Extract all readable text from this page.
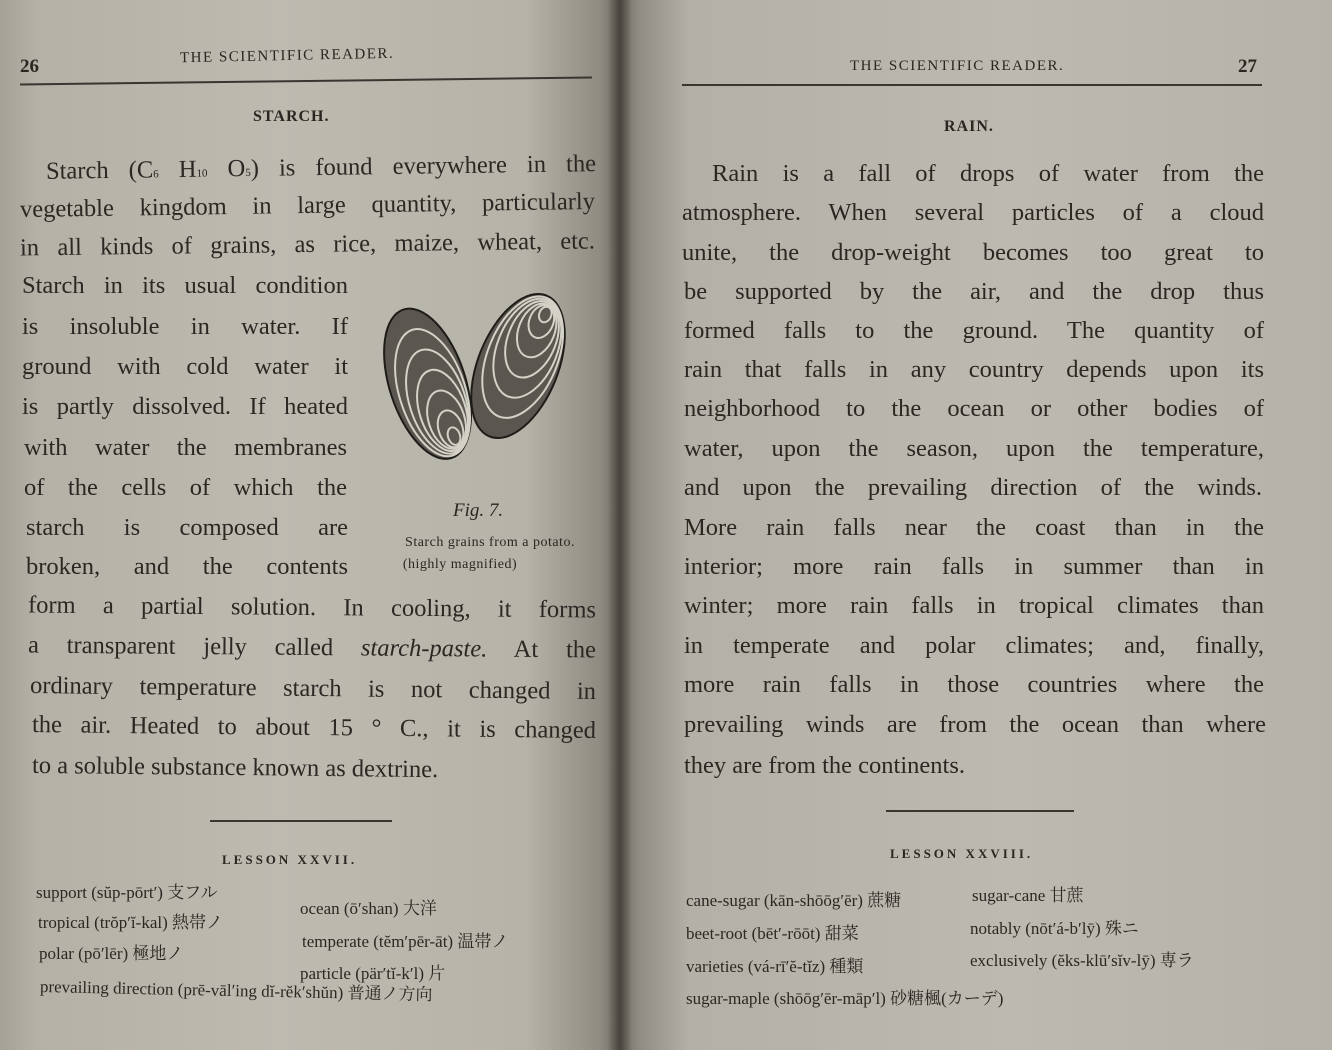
26	THE SCIENTIFIC READER.
STARCH.
Starch (C6 H10 O5) is found everywhere in the
vegetable kingdom in large quantity, particularly
in all kinds of grains, as rice, maize, wheat, etc.
Starch in its usual condition
is insoluble in water. If
ground with cold water it
is partly dissolved. If heated
with water the membranes
of the cells of which the
starch is composed are
broken, and the contents
form a partial solution. In cooling, it forms
a transparent jelly called starch-paste. At the
ordinary temperature starch is not changed in
the air. Heated to about 15 ° C., it is changed
to a soluble substance known as dextrine.
Fig. 7.
Starch grains from a potato.
(highly magnified)
LESSON XXVII.
support (sŭp-pōrt′) 支フル
tropical (trŏp′ĭ-kal) 熱帯ノ
polar (pō′lēr) 極地ノ
prevailing direction (prē-vāl′ing dĭ-rĕk′shŭn) 普通ノ方向
ocean (ō′shan) 大洋
temperate (tĕm′pēr-āt) 温帯ノ
particle (pär′tĭ-k′l) 片
THE SCIENTIFIC READER.	27
RAIN.
Rain is a fall of drops of water from the
atmosphere. When several particles of a cloud
unite, the drop-weight becomes too great to
be supported by the air, and the drop thus
formed falls to the ground. The quantity of
rain that falls in any country depends upon its
neighborhood to the ocean or other bodies of
water, upon the season, upon the temperature,
and upon the prevailing direction of the winds.
More rain falls near the coast than in the
interior; more rain falls in summer than in
winter; more rain falls in tropical climates than
in temperate and polar climates; and, finally,
more rain falls in those countries where the
prevailing winds are from the ocean than where
they are from the continents.
LESSON XXVIII.
cane-sugar (kān-shōōg′ēr) 蔗糖
beet-root (bēt′-rōōt) 甜菜
varieties (vá-rī′ĕ-tĭz) 種類
sugar-maple (shōōg′ēr-māp′l) 砂糖楓(カーデ)
sugar-cane 甘蔗
notably (nōt′á-b′lȳ) 殊ニ
exclusively (ĕks-klū′sĭv-lȳ) 専ラ
